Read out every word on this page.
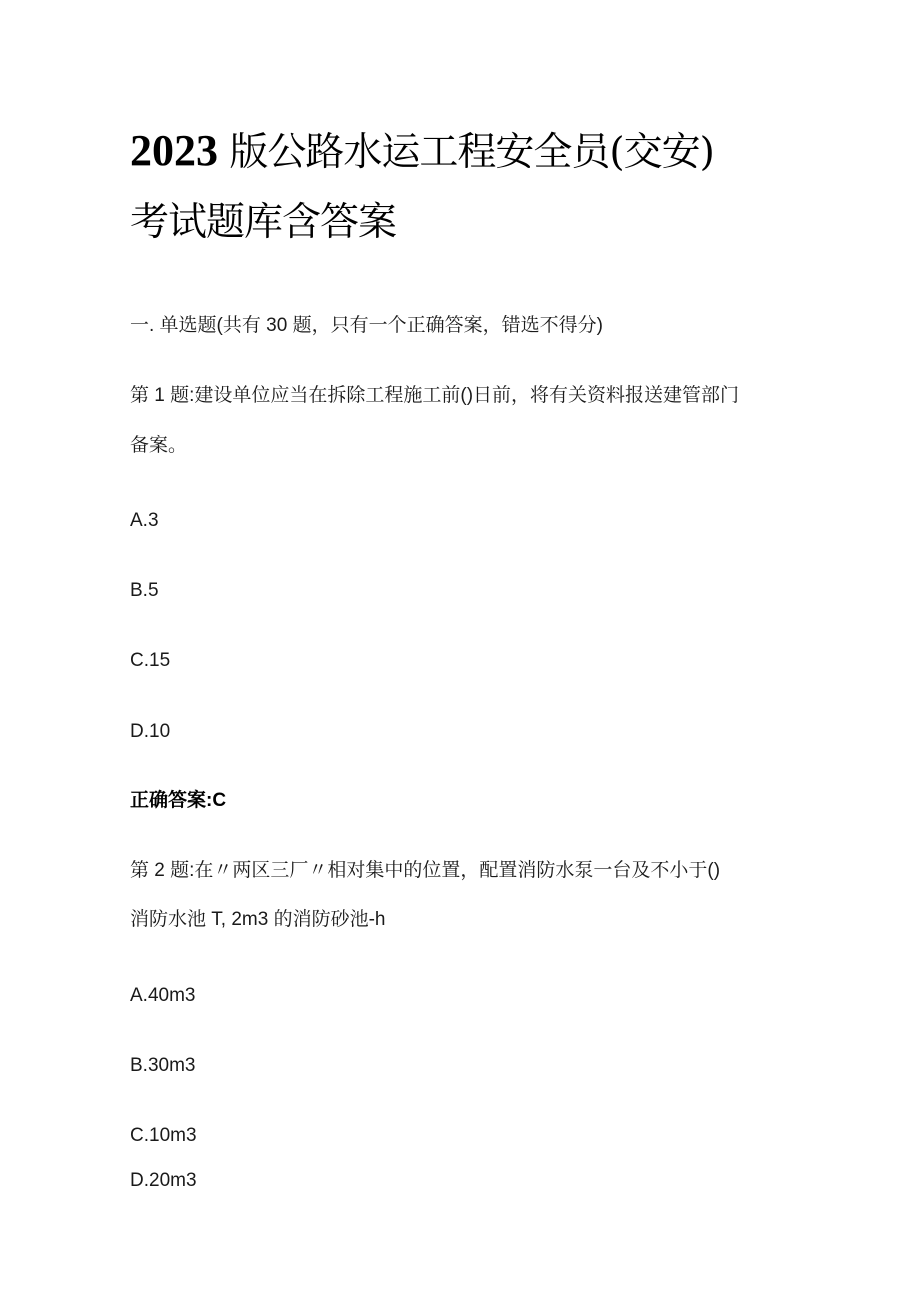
2023 版公路水运工程安全员(交安)
考试题库含答案
一. 单选题(共有 30 题，只有一个正确答案，错选不得分)
第 1 题:建设单位应当在拆除工程施工前()日前，将有关资料报送建管部门
备案。
A.3
B.5
C.15
D.10
正确答案:C
第 2 题:在〃两区三厂〃相对集中的位置，配置消防水泵一台及不小于()
消防水池 T, 2m3 的消防砂池-h
A.40m3
B.30m3
C.10m3
D.20m3
